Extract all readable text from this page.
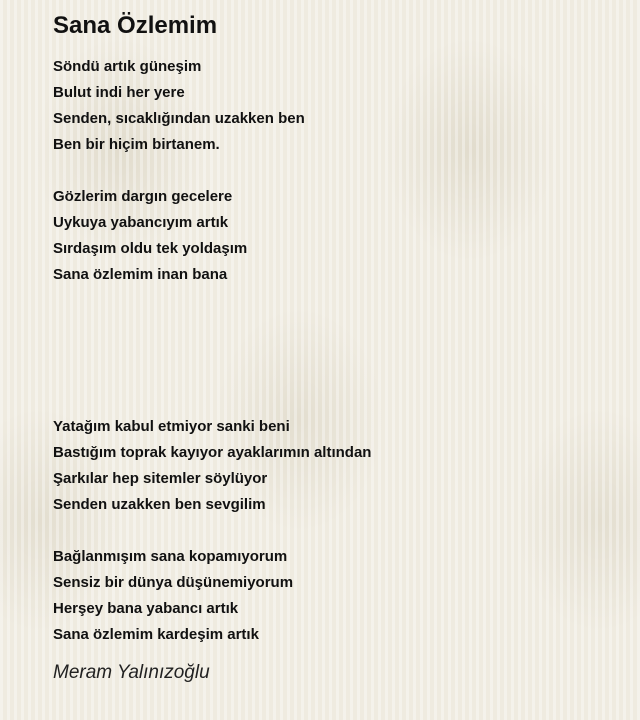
Sana Özlemim
Söndü artık güneşim
Bulut indi her yere
Senden, sıcaklığından uzakken ben
Ben bir hiçim birtanem.
Gözlerim dargın gecelere
Uykuya yabancıyım artık
Sırdaşım oldu tek yoldaşım
Sana özlemim inan bana
Yatağım kabul etmiyor sanki beni
Bastığım toprak kayıyor ayaklarımın altından
Şarkılar hep sitemler söylüyor
Senden uzakken ben sevgilim
Bağlanmışım sana kopamıyorum
Sensiz bir dünya düşünemiyorum
Herşey bana yabancı artık
Sana özlemim kardeşim artık
Meram Yalınızoğlu
